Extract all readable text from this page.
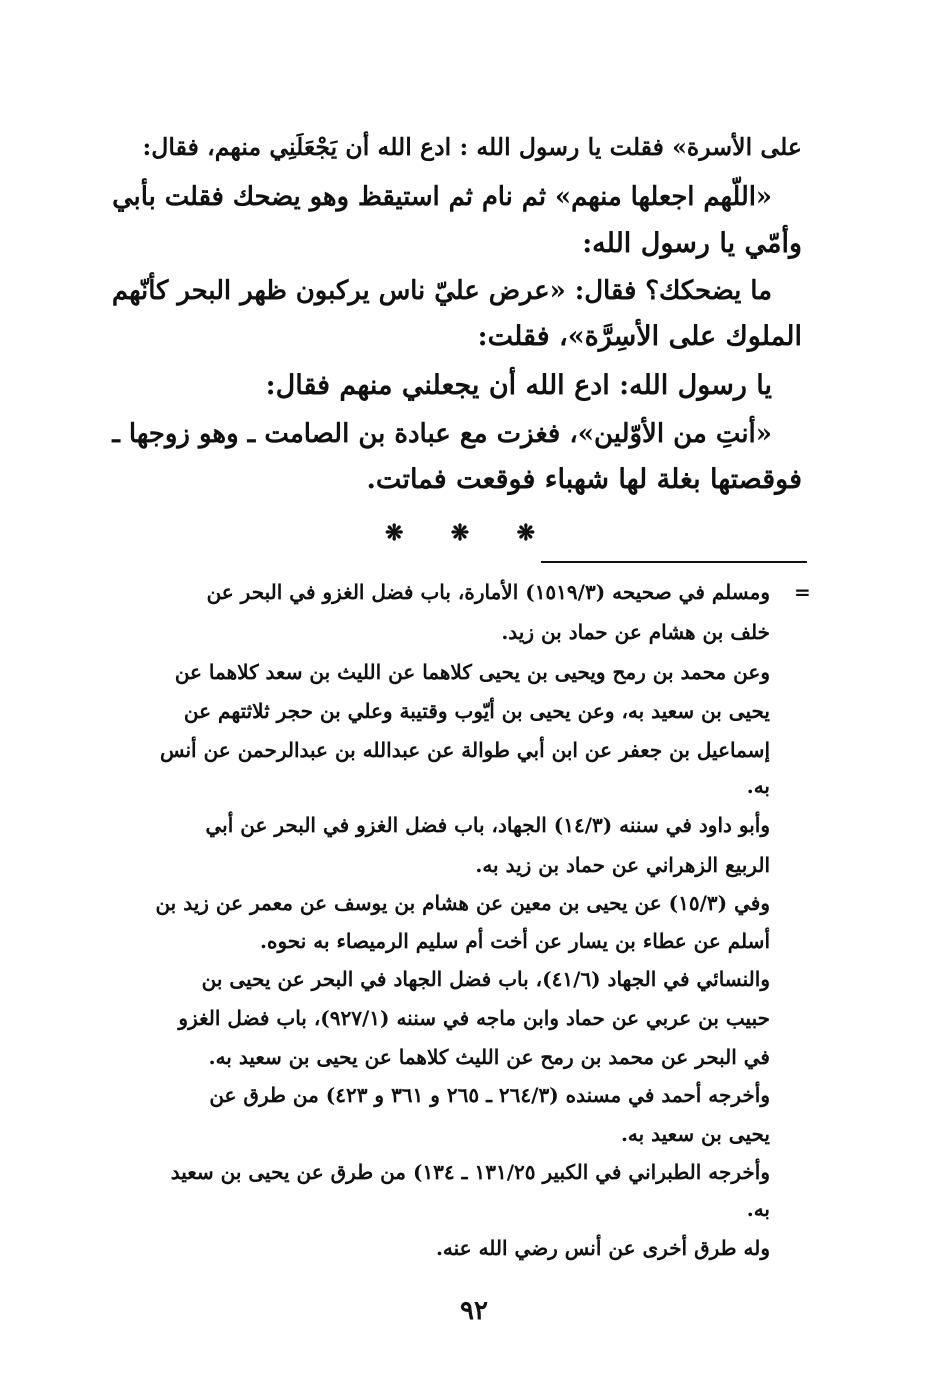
على الأسرة» فقلت يا رسول الله : ادع الله أن يَجْعَلَنِي منهم، فقال:
«اللّهم اجعلها منهم» ثم نام ثم استيقظ وهو يضحك فقلت بأبي
وأمّي يا رسول الله:
ما يضحكك؟ فقال: «عرض عليّ ناس يركبون ظهر البحر كأنّهم
الملوك على الأسِرَّة»، فقلت:
يا رسول الله: ادع الله أن يجعلني منهم فقال:
«أنتِ من الأوّلين»، فغزت مع عبادة بن الصامت ـ وهو زوجها ـ
فوقصتها بغلة لها شهباء فوقعت فماتت.
❋ ❋ ❋
=
ومسلم في صحيحه (١٥١٩/٣) الأمارة، باب فضل الغزو في البحر عن
خلف بن هشام عن حماد بن زيد.
وعن محمد بن رمح ويحيى بن يحيى كلاهما عن الليث بن سعد كلاهما عن
يحيى بن سعيد به، وعن يحيى بن أيّوب وقتيبة وعلي بن حجر ثلاثتهم عن
إسماعيل بن جعفر عن ابن أبي طوالة عن عبدالله بن عبدالرحمن عن أنس
به.
وأبو داود في سننه (١٤/٣) الجهاد، باب فضل الغزو في البحر عن أبي
الربيع الزهراني عن حماد بن زيد به.
وفي (١٥/٣) عن يحيى بن معين عن هشام بن يوسف عن معمر عن زيد بن
أسلم عن عطاء بن يسار عن أخت أم سليم الرميصاء به نحوه.
والنسائي في الجهاد (٤١/٦)، باب فضل الجهاد في البحر عن يحيى بن
حبيب بن عربي عن حماد وابن ماجه في سننه (٩٢٧/١)، باب فضل الغزو
في البحر عن محمد بن رمح عن الليث كلاهما عن يحيى بن سعيد به.
وأخرجه أحمد في مسنده (٢٦٤/٣ ـ ٢٦٥ و ٣٦١ و ٤٢٣) من طرق عن
يحيى بن سعيد به.
وأخرجه الطبراني في الكبير ١٣١/٢٥ ـ ١٣٤) من طرق عن يحيى بن سعيد
به.
وله طرق أخرى عن أنس رضي الله عنه.
٩٢
